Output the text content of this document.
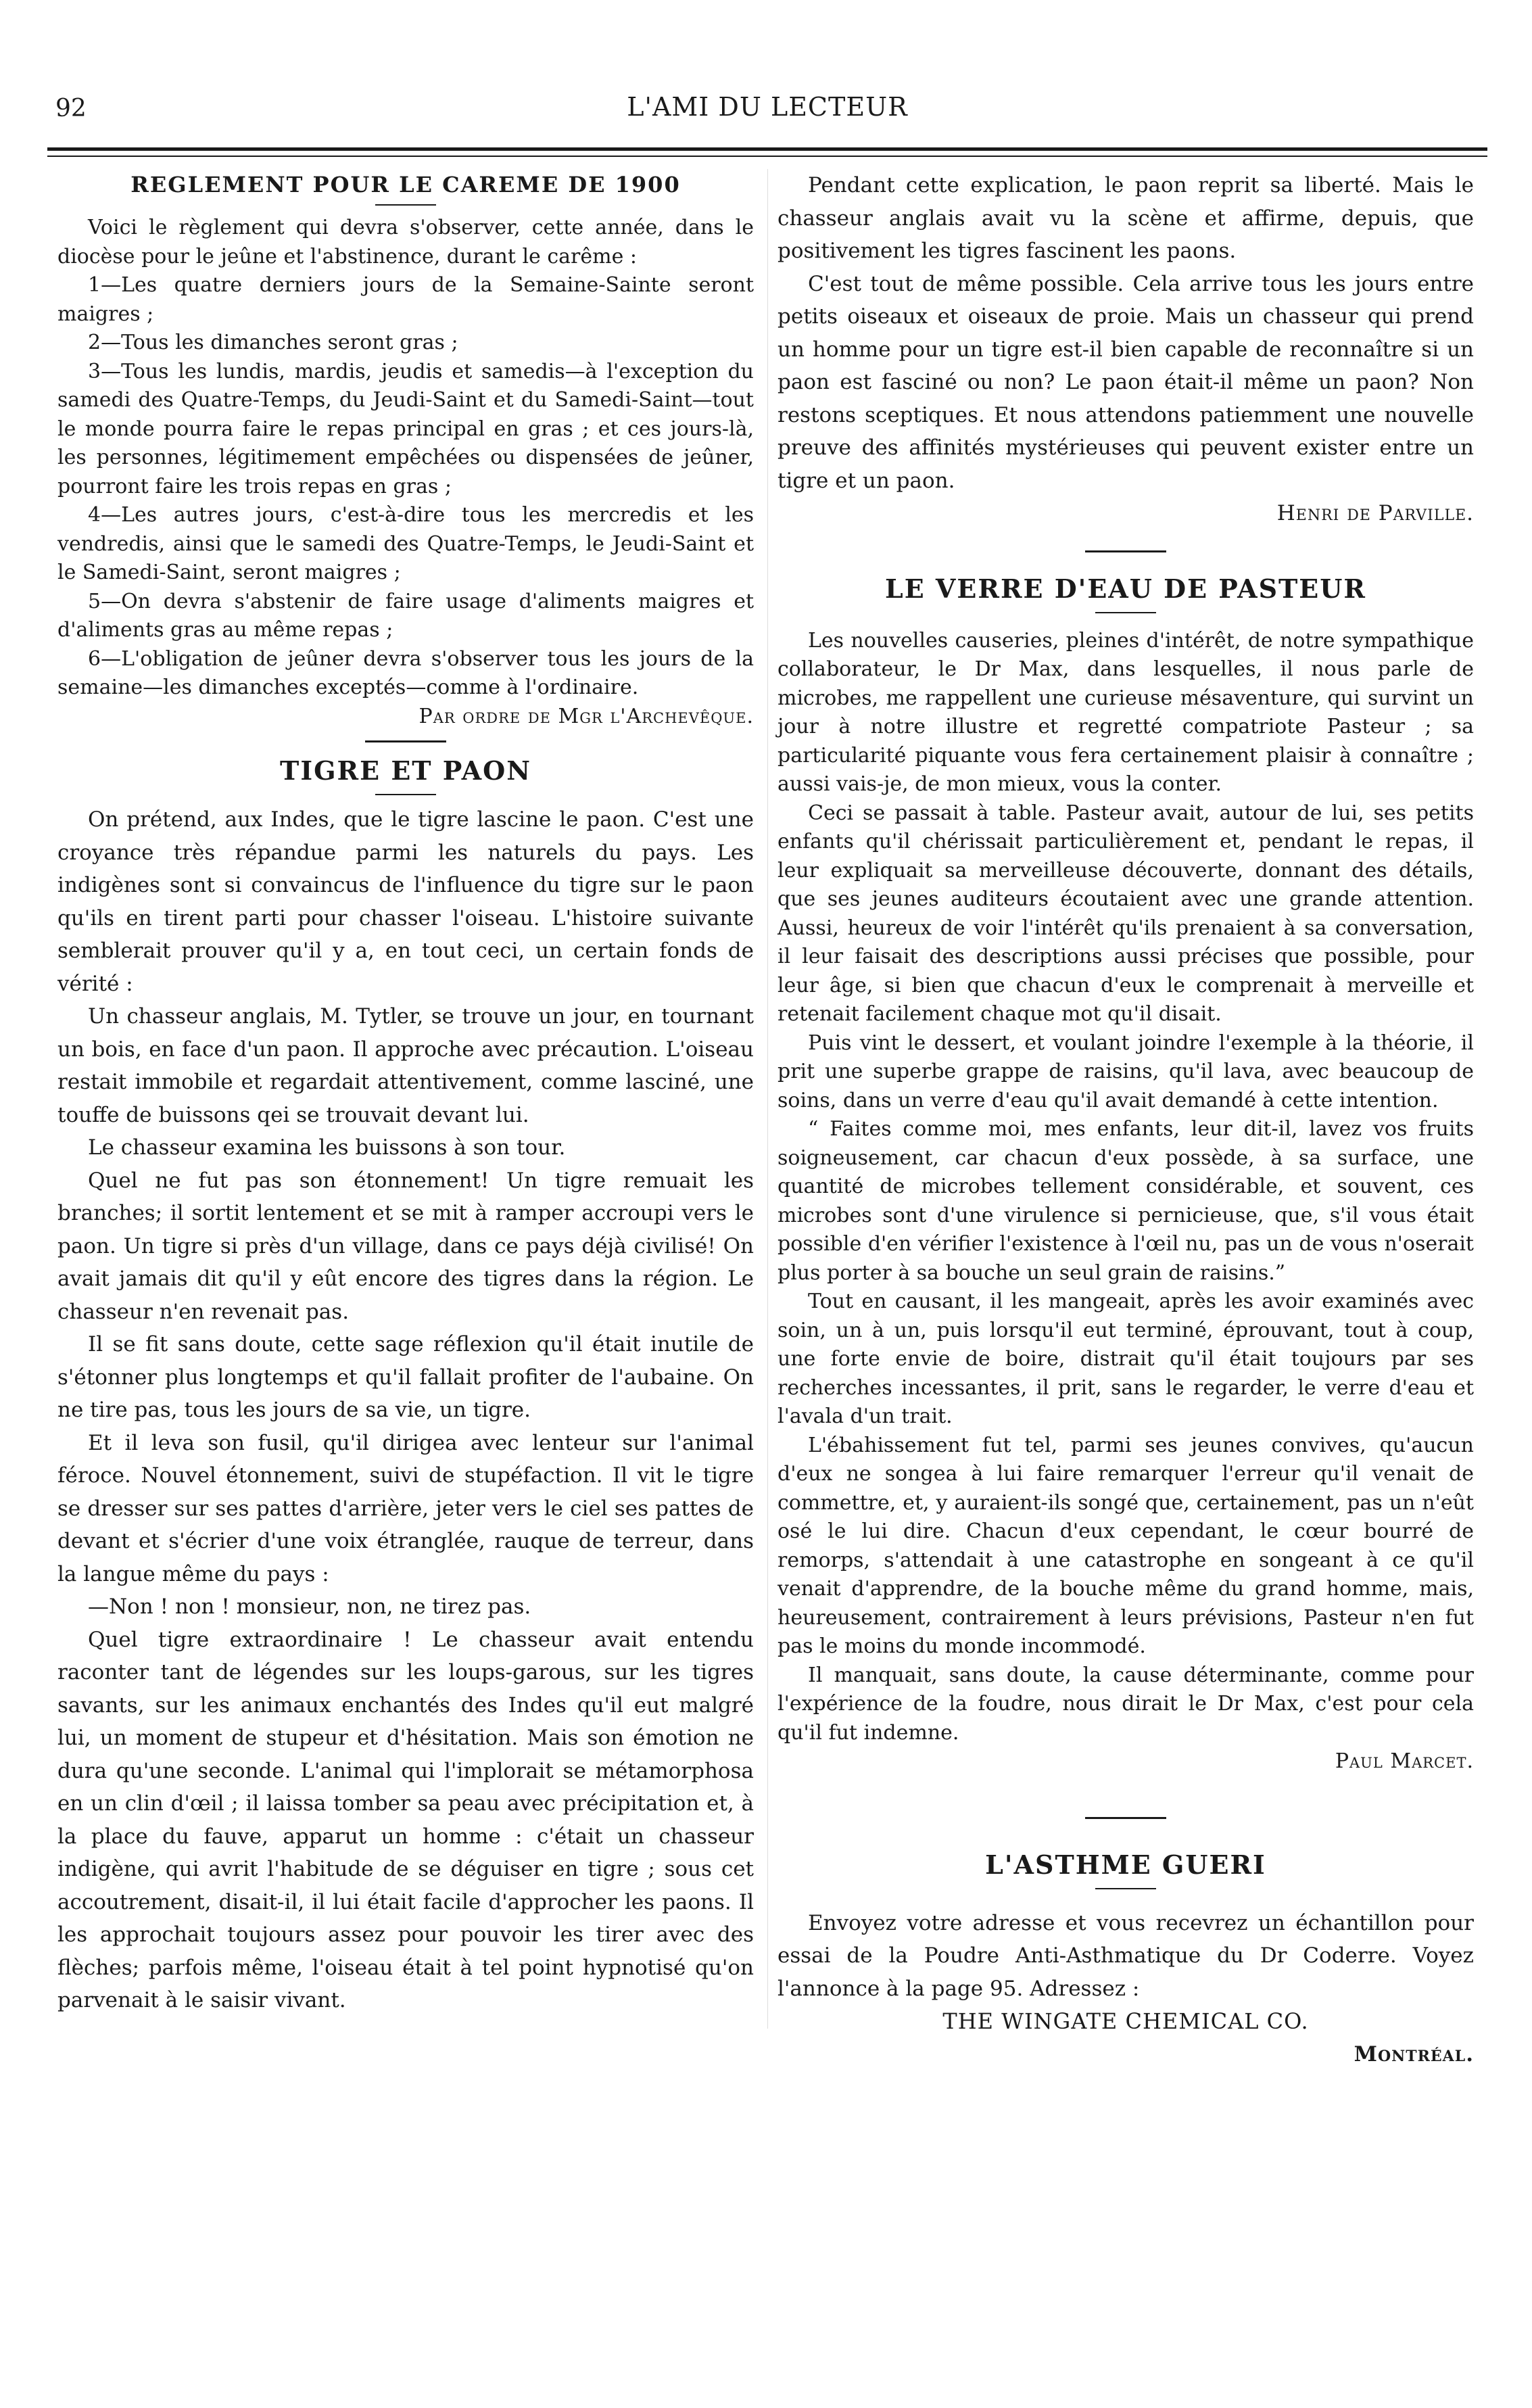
92	L'AMI DU LECTEUR
REGLEMENT POUR LE CAREME DE 1900

Voici le règlement qui devra s'observer, cette année, dans le diocèse pour le jeûne et l'abstinence, durant le carême :

1—Les quatre derniers jours de la Semaine-Sainte seront maigres ;

2—Tous les dimanches seront gras ;

3—Tous les lundis, mardis, jeudis et samedis—à l'exception du samedi des Quatre-Temps, du Jeudi-Saint et du Samedi-Saint—tout le monde pourra faire le repas principal en gras ; et ces jours-là, les personnes, légitimement empêchées ou dispensées de jeûner, pourront faire les trois repas en gras ;

4—Les autres jours, c'est-à-dire tous les mercredis et les vendredis, ainsi que le samedi des Quatre-Temps, le Jeudi-Saint et le Samedi-Saint, seront maigres ;

5—On devra s'abstenir de faire usage d'aliments maigres et d'aliments gras au même repas ;

6—L'obligation de jeûner devra s'observer tous les jours de la semaine—les dimanches exceptés—comme à l'ordinaire.

Par ordre de Mgr l'Archevêque.

TIGRE ET PAON

On prétend, aux Indes, que le tigre lascine le paon. C'est une croyance très répandue parmi les naturels du pays. Les indigènes sont si convaincus de l'influence du tigre sur le paon qu'ils en tirent parti pour chasser l'oiseau. L'histoire suivante semblerait prouver qu'il y a, en tout ceci, un certain fonds de vérité :

Un chasseur anglais, M. Tytler, se trouve un jour, en tournant un bois, en face d'un paon. Il approche avec précaution. L'oiseau restait immobile et regardait attentivement, comme lasciné, une touffe de buissons qei se trouvait devant lui.

Le chasseur examina les buissons à son tour.

Quel ne fut pas son étonnement! Un tigre remuait les branches; il sortit lentement et se mit à ramper accroupi vers le paon. Un tigre si près d'un village, dans ce pays déjà civilisé! On avait jamais dit qu'il y eût encore des tigres dans la région. Le chasseur n'en revenait pas.

Il se fit sans doute, cette sage réflexion qu'il était inutile de s'étonner plus longtemps et qu'il fallait profiter de l'aubaine. On ne tire pas, tous les jours de sa vie, un tigre.

Et il leva son fusil, qu'il dirigea avec lenteur sur l'animal féroce. Nouvel étonnement, suivi de stupéfaction. Il vit le tigre se dresser sur ses pattes d'arrière, jeter vers le ciel ses pattes de devant et s'écrier d'une voix étranglée, rauque de terreur, dans la langue même du pays :

—Non ! non ! monsieur, non, ne tirez pas.

Quel tigre extraordinaire ! Le chasseur avait entendu raconter tant de légendes sur les loups-garous, sur les tigres savants, sur les animaux enchantés des Indes qu'il eut malgré lui, un moment de stupeur et d'hésitation. Mais son émotion ne dura qu'une seconde. L'animal qui l'implorait se métamorphosa en un clin d'œil ; il laissa tomber sa peau avec précipitation et, à la place du fauve, apparut un homme : c'était un chasseur indigène, qui avrit l'habitude de se déguiser en tigre ; sous cet accoutrement, disait-il, il lui était facile d'approcher les paons. Il les approchait toujours assez pour pouvoir les tirer avec des flèches; parfois même, l'oiseau était à tel point hypnotisé qu'on parvenait à le saisir vivant.

Pendant cette explication, le paon reprit sa liberté. Mais le chasseur anglais avait vu la scène et affirme, depuis, que positivement les tigres fascinent les paons.

C'est tout de même possible. Cela arrive tous les jours entre petits oiseaux et oiseaux de proie. Mais un chasseur qui prend un homme pour un tigre est-il bien capable de reconnaître si un paon est fasciné ou non? Le paon était-il même un paon? Non restons sceptiques. Et nous attendons patiemment une nouvelle preuve des affinités mystérieuses qui peuvent exister entre un tigre et un paon.

Henri de Parville.

LE VERRE D'EAU DE PASTEUR

Les nouvelles causeries, pleines d'intérêt, de notre sympathique collaborateur, le Dr Max, dans lesquelles, il nous parle de microbes, me rappellent une curieuse mésaventure, qui survint un jour à notre illustre et regretté compatriote Pasteur ; sa particularité piquante vous fera certainement plaisir à connaître ; aussi vais-je, de mon mieux, vous la conter.

Ceci se passait à table. Pasteur avait, autour de lui, ses petits enfants qu'il chérissait particulièrement et, pendant le repas, il leur expliquait sa merveilleuse découverte, donnant des détails, que ses jeunes auditeurs écoutaient avec une grande attention. Aussi, heureux de voir l'intérêt qu'ils prenaient à sa conversation, il leur faisait des descriptions aussi précises que possible, pour leur âge, si bien que chacun d'eux le comprenait à merveille et retenait facilement chaque mot qu'il disait.

Puis vint le dessert, et voulant joindre l'exemple à la théorie, il prit une superbe grappe de raisins, qu'il lava, avec beaucoup de soins, dans un verre d'eau qu'il avait demandé à cette intention.

“ Faites comme moi, mes enfants, leur dit-il, lavez vos fruits soigneusement, car chacun d'eux possède, à sa surface, une quantité de microbes tellement considérable, et souvent, ces microbes sont d'une virulence si pernicieuse, que, s'il vous était possible d'en vérifier l'existence à l'œil nu, pas un de vous n'oserait plus porter à sa bouche un seul grain de raisins.”

Tout en causant, il les mangeait, après les avoir examinés avec soin, un à un, puis lorsqu'il eut terminé, éprouvant, tout à coup, une forte envie de boire, distrait qu'il était toujours par ses recherches incessantes, il prit, sans le regarder, le verre d'eau et l'avala d'un trait.

L'ébahissement fut tel, parmi ses jeunes convives, qu'aucun d'eux ne songea à lui faire remarquer l'erreur qu'il venait de commettre, et, y auraient-ils songé que, certainement, pas un n'eût osé le lui dire. Chacun d'eux cependant, le cœur bourré de remorps, s'attendait à une catastrophe en songeant à ce qu'il venait d'apprendre, de la bouche même du grand homme, mais, heureusement, contrairement à leurs prévisions, Pasteur n'en fut pas le moins du monde incommodé.

Il manquait, sans doute, la cause déterminante, comme pour l'expérience de la foudre, nous dirait le Dr Max, c'est pour cela qu'il fut indemne.

Paul Marcet.

L'ASTHME GUERI

Envoyez votre adresse et vous recevrez un échantillon pour essai de la Poudre Anti-Asthmatique du Dr Coderre. Voyez l'annonce à la page 95. Adressez :

THE WINGATE CHEMICAL CO.

Montréal.
